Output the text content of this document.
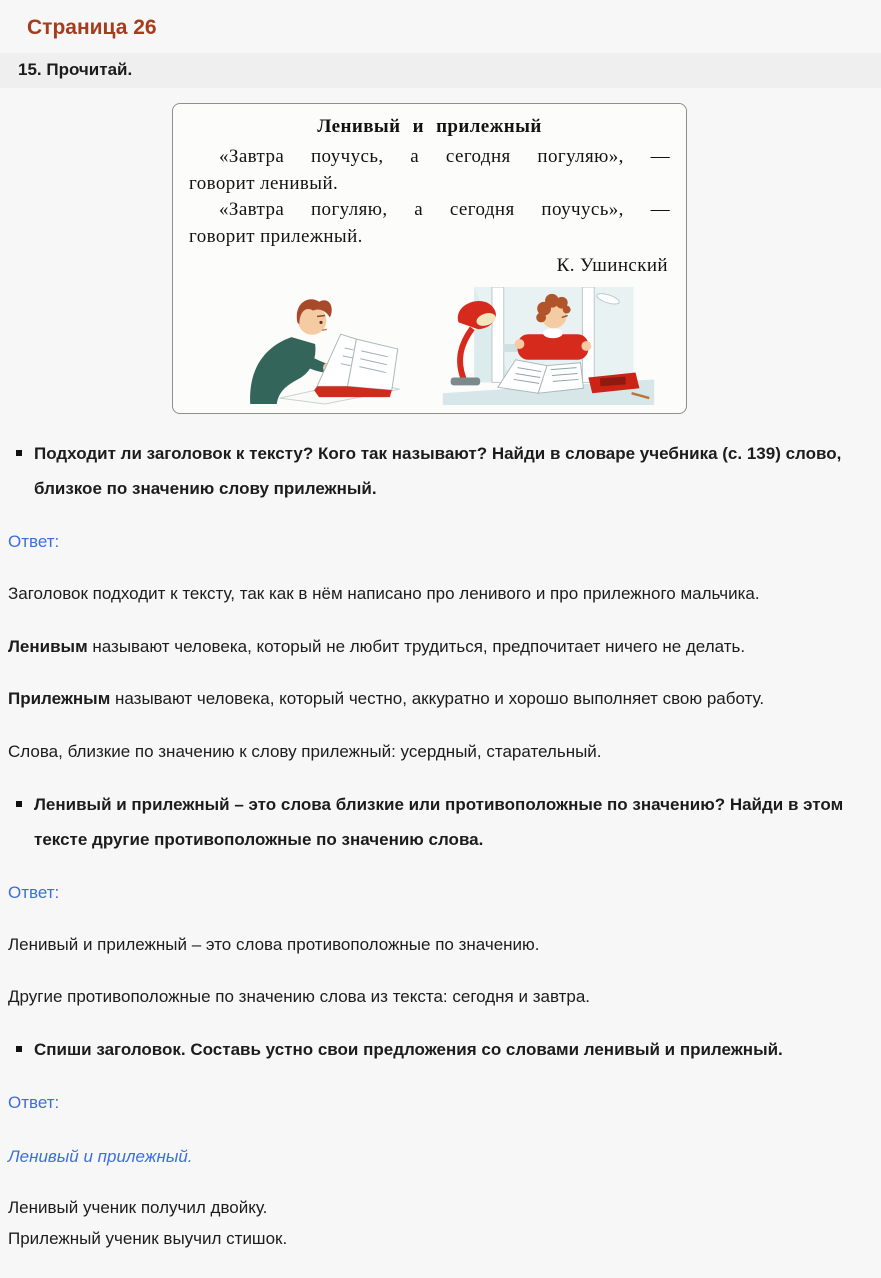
Страница 26
15. Прочитай.
Ленивый и прилежный

«Завтра поучусь, а сегодня погуляю», —
говорит ленивый.

«Завтра погуляю, а сегодня поучусь», —
говорит прилежный.

К. Ушинский

Подходит ли заголовок к тексту? Кого так называют? Найди в словаре учебника (с. 139) слово, близкое по значению слову прилежный.

Ответ:

Заголовок подходит к тексту, так как в нём написано про ленивого и про прилежного мальчика.

Ленивым называют человека, который не любит трудиться, предпочитает ничего не делать.

Прилежным называют человека, который честно, аккуратно и хорошо выполняет свою работу.

Слова, близкие по значению к слову прилежный: усердный, старательный.

Ленивый и прилежный – это слова близкие или противоположные по значению? Найди в этом тексте другие противоположные по значению слова.

Ответ:

Ленивый и прилежный – это слова противоположные по значению.

Другие противоположные по значению слова из текста: сегодня и завтра.

Спиши заголовок. Составь устно свои предложения со словами ленивый и прилежный.

Ответ:

Ленивый и прилежный.

Ленивый ученик получил двойку.

Прилежный ученик выучил стишок.
